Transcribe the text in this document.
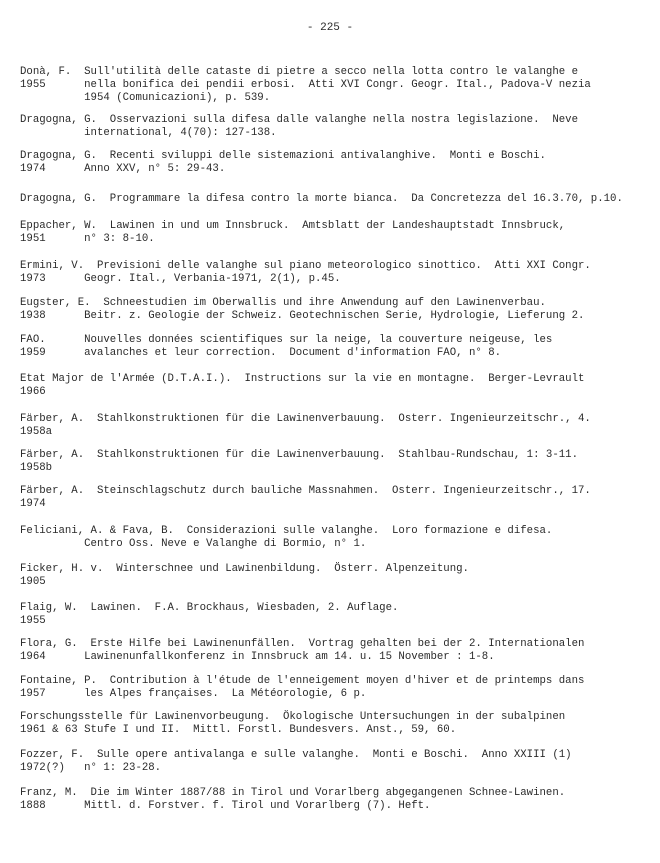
- 225 -
Donà, F.  Sull'utilità delle cataste di pietre a secco nella lotta contro le valanghe e
1955      nella bonifica dei pendii erbosi.  Atti XVI Congr. Geogr. Ital., Padova-V nezia
1954 (Comunicazioni), p. 539.
Dragogna, G.  Osservazioni sulla difesa dalle valanghe nella nostra legislazione.  Neve
international, 4(70): 127-138.
Dragogna, G.  Recenti sviluppi delle sistemazioni antivalanghive.  Monti e Boschi.
1974      Anno XXV, n° 5: 29-43.
Dragogna, G.  Programmare la difesa contro la morte bianca.  Da Concretezza del 16.3.70, p.10.
Eppacher, W.  Lawinen in und um Innsbruck.  Amtsblatt der Landeshauptstadt Innsbruck,
1951      n° 3: 8-10.
Ermini, V.  Previsioni delle valanghe sul piano meteorologico sinottico.  Atti XXI Congr.
1973      Geogr. Ital., Verbania-1971, 2(1), p.45.
Eugster, E.  Schneestudien im Oberwallis und ihre Anwendung auf den Lawinenverbau.
1938      Beitr. z. Geologie der Schweiz. Geotechnischen Serie, Hydrologie, Lieferung 2.
FAO.      Nouvelles données scientifiques sur la neige, la couverture neigeuse, les
1959      avalanches et leur correction.  Document d'information FAO, n° 8.
Etat Major de l'Armée (D.T.A.I.).  Instructions sur la vie en montagne.  Berger-Levrault
1966
Färber, A.  Stahlkonstruktionen für die Lawinenverbauung.  Osterr. Ingenieurzeitschr., 4.
1958a
Färber, A.  Stahlkonstruktionen für die Lawinenverbauung.  Stahlbau-Rundschau, 1: 3-11.
1958b
Färber, A.  Steinschlagschutz durch bauliche Massnahmen.  Osterr. Ingenieurzeitschr., 17.
1974
Feliciani, A. & Fava, B.  Considerazioni sulle valanghe.  Loro formazione e difesa.
Centro Oss. Neve e Valanghe di Bormio, n° 1.
Ficker, H. v.  Winterschnee und Lawinenbildung.  Österr. Alpenzeitung.
1905
Flaig, W.  Lawinen.  F.A. Brockhaus, Wiesbaden, 2. Auflage.
1955
Flora, G.  Erste Hilfe bei Lawinenunfällen.  Vortrag gehalten bei der 2. Internationalen
1964      Lawinenunfallkonferenz in Innsbruck am 14. u. 15 November : 1-8.
Fontaine, P.  Contribution à l'étude de l'enneigement moyen d'hiver et de printemps dans
1957      les Alpes françaises.  La Météorologie, 6 p.
Forschungsstelle für Lawinenvorbeugung.  Ökologische Untersuchungen in der subalpinen
1961 & 63 Stufe I und II.  Mittl. Forstl. Bundesvers. Anst., 59, 60.
Fozzer, F.  Sulle opere antivalanga e sulle valanghe.  Monti e Boschi.  Anno XXIII (1)
1972(?)   n° 1: 23-28.
Franz, M.  Die im Winter 1887/88 in Tirol und Vorarlberg abgegangenen Schnee-Lawinen.
1888      Mittl. d. Forstver. f. Tirol und Vorarlberg (7). Heft.
